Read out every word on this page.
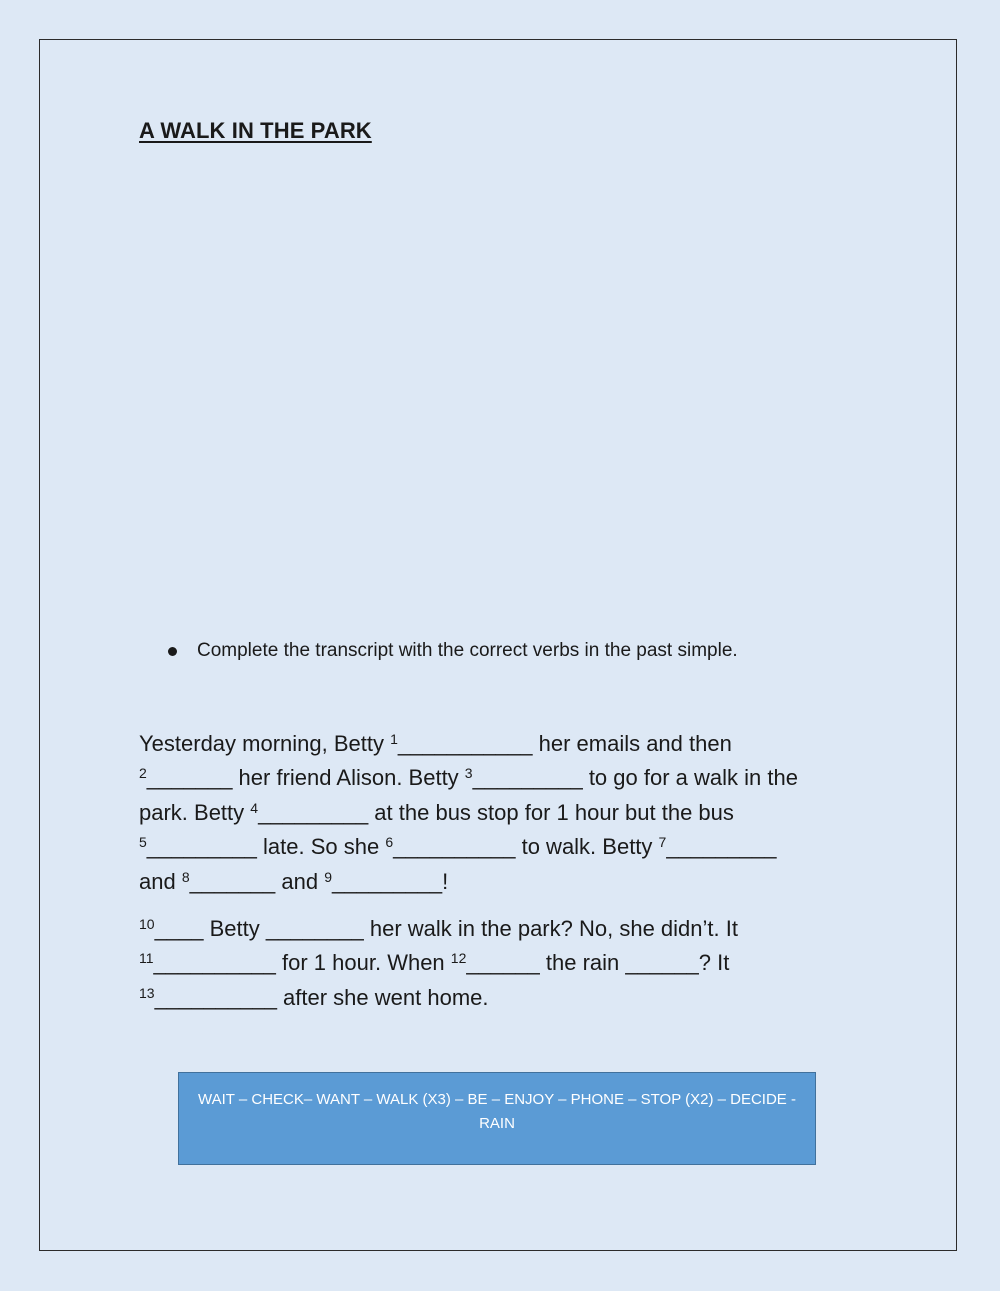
A WALK IN THE PARK
Complete the transcript with the correct verbs in the past simple.
Yesterday morning, Betty $^1$___________ her emails and then
$^2$_______ her friend Alison. Betty $^3$_________ to go for a walk in the
park. Betty $^4$_________ at the bus stop for 1 hour but the bus
$^5$_________ late. So she $^6$__________ to walk. Betty $^7$_________
and $^8$_______ and $^9$_________!
$^{10}$____ Betty ________ her walk in the park? No, she didn’t. It
$^{11}$__________ for 1 hour. When $^{12}$______ the rain ______? It
$^{13}$__________ after she went home.
WAIT – CHECK– WANT – WALK (X3) – BE – ENJOY – PHONE – STOP (X2) – DECIDE - RAIN
